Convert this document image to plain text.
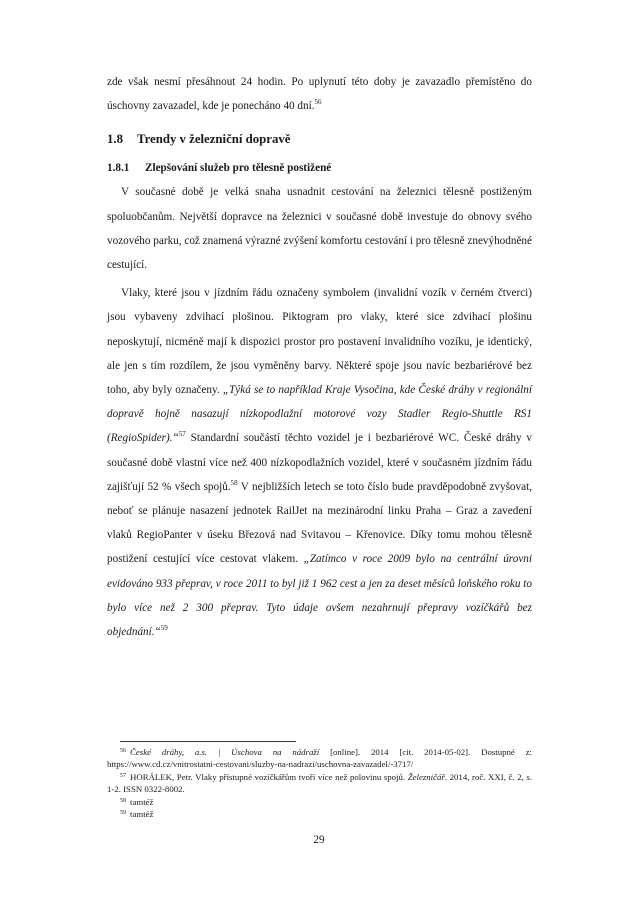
zde však nesmí přesáhnout 24 hodin. Po uplynutí této doby je zavazadlo přemístěno do úschovny zavazadel, kde je ponecháno 40 dní.$^{56}$

1.8 Trendy v železniční dopravě
1.8.1 Zlepšování služeb pro tělesně postižené

V současné době je velká snaha usnadnit cestování na železnici tělesně postiženým spoluobčanům. Největší dopravce na železnici v současné době investuje do obnovy svého vozového parku, což znamená výrazné zvýšení komfortu cestování i pro tělesně znevýhodněné cestující.

Vlaky, které jsou v jízdním řádu označeny symbolem (invalidní vozík v černém čtverci) jsou vybaveny zdvihací plošinou. Piktogram pro vlaky, které sice zdvihací plošinu neposkytují, nicméně mají k dispozici prostor pro postavení invalidního vozíku, je identický, ale jen s tím rozdílem, že jsou vyměněny barvy. Některé spoje jsou navíc bezbariérové bez toho, aby byly označeny. „Týká se to například Kraje Vysočina, kde České dráhy v regionální dopravě hojně nasazují nízkopodlažní motorové vozy Stadler Regio-Shuttle RS1 (RegioSpider).“$^{57}$ Standardní součástí těchto vozidel je i bezbariérové WC. České dráhy v současné době vlastní více než 400 nízkopodlažních vozidel, které v současném jízdním řádu zajišťují 52 % všech spojů.$^{58}$ V nejbližších letech se toto číslo bude pravděpodobně zvyšovat, neboť se plánuje nasazení jednotek RailJet na mezinárodní linku Praha – Graz a zavedení vlaků RegioPanter v úseku Březová nad Svitavou – Křenovice. Díky tomu mohou tělesně postižení cestující více cestovat vlakem. „Zatímco v roce 2009 bylo na centrální úrovni evidováno 933 přeprav, v roce 2011 to byl již 1 962 cest a jen za deset měsíců loňského roku to bylo více než 2 300 přeprav. Tyto údaje ovšem nezahrnují přepravy vozíčkářů bez objednání.“$^{59}$

$^{56}$ České dráhy, a.s. | Úschova na nádraží [online]. 2014 [cit. 2014-05-02]. Dostupné z: https://www.cd.cz/vnitrostatni-cestovani/sluzby-na-nadrazi/uschovna-zavazadel/-3717/

$^{57}$ HORÁLEK, Petr. Vlaky přístupné vozíčkářům tvoří více než polovinu spojů. Železničář. 2014, roč. XXI, č. 2, s. 1-2. ISSN 0322-8002.

$^{58}$ tamtéž

$^{59}$ tamtéž

29
